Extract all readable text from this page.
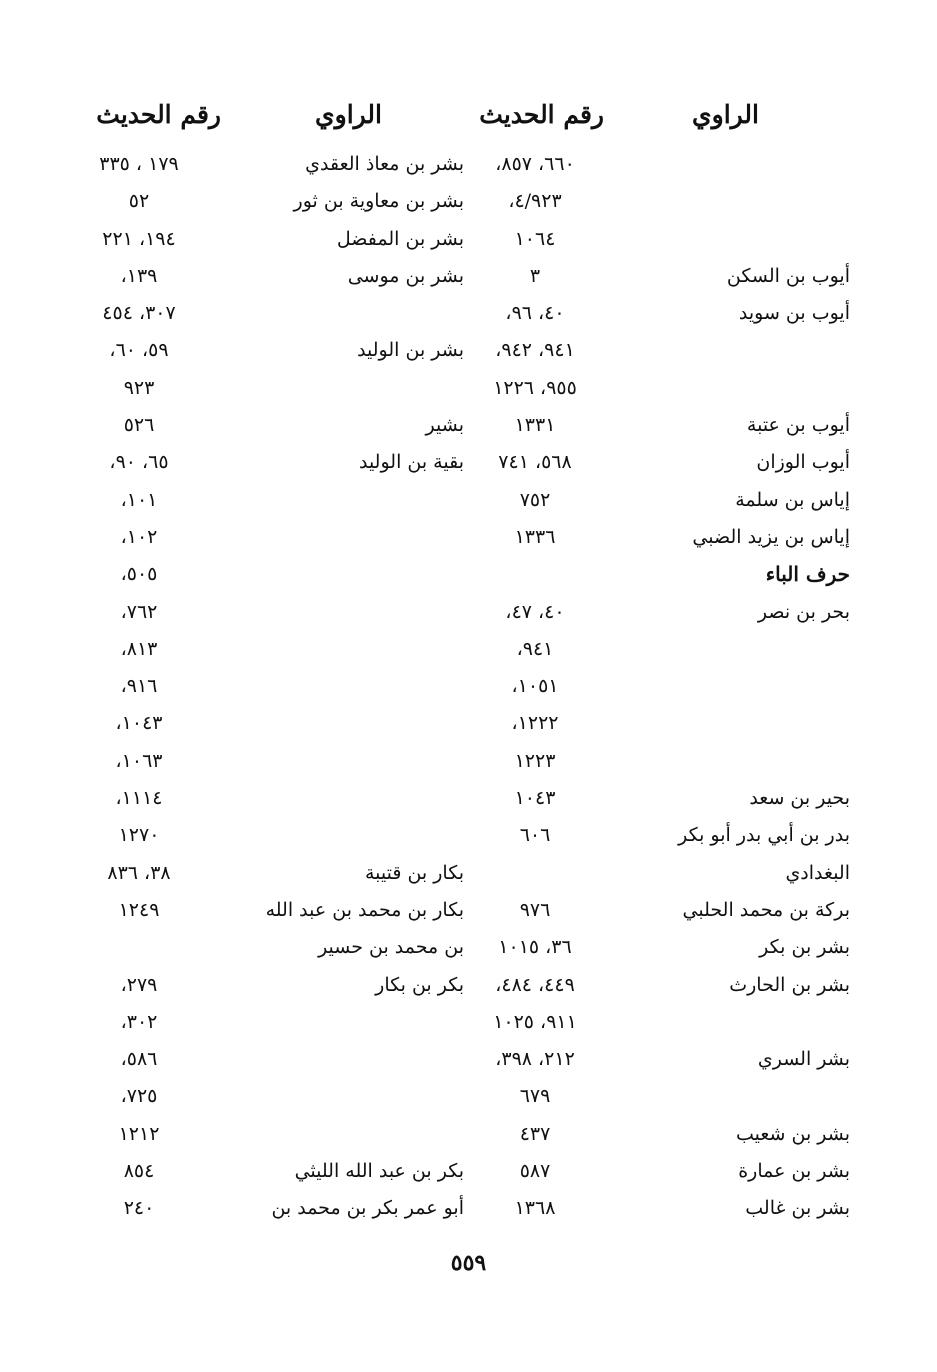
الراوي
رقم الحديث
الراوي
رقم الحديث
٦٦٠، ٨٥٧،
بشر بن معاذ العقدي
١٧٩ ، ٣٣٥
٤/٩٢٣،
بشر بن معاوية بن ثور
٥٢
١٠٦٤
بشر بن المفضل
١٩٤، ٢٢١
أيوب بن السكن
٣
بشر بن موسى
١٣٩،
أيوب بن سويد
٤٠، ٩٦،
٣٠٧، ٤٥٤
٩٤١، ٩٤٢،
بشر بن الوليد
٥٩، ٦٠،
٩٥٥، ١٢٢٦
٩٢٣
أيوب بن عتبة
١٣٣١
بشير
٥٢٦
أيوب الوزان
٥٦٨، ٧٤١
بقية بن الوليد
٦٥، ٩٠،
إياس بن سلمة
٧٥٢
١٠١،
إياس بن يزيد الضبي
١٣٣٦
١٠٢،
حرف الباء
٥٠٥،
بحر بن نصر
٤٠، ٤٧،
٧٦٢،
٩٤١،
٨١٣،
١٠٥١،
٩١٦،
١٢٢٢،
١٠٤٣،
١٢٢٣
١٠٦٣،
بحير بن سعد
١٠٤٣
١١١٤،
بدر بن أبي بدر أبو بكر
٦٠٦
١٢٧٠
البغدادي
بكار بن قتيبة
٣٨، ٨٣٦
بركة بن محمد الحلبي
٩٧٦
بكار بن محمد بن عبد الله
١٢٤٩
بشر بن بكر
٣٦، ١٠١٥
بن محمد بن حسير
بشر بن الحارث
٤٤٩، ٤٨٤،
بكر بن بكار
٢٧٩،
٩١١، ١٠٢٥
٣٠٢،
بشر السري
٢١٢، ٣٩٨،
٥٨٦،
٦٧٩
٧٢٥،
بشر بن شعيب
٤٣٧
١٢١٢
بشر بن عمارة
٥٨٧
بكر بن عبد الله الليثي
٨٥٤
بشر بن غالب
١٣٦٨
أبو عمر بكر بن محمد بن
٢٤٠
٥٥٩
